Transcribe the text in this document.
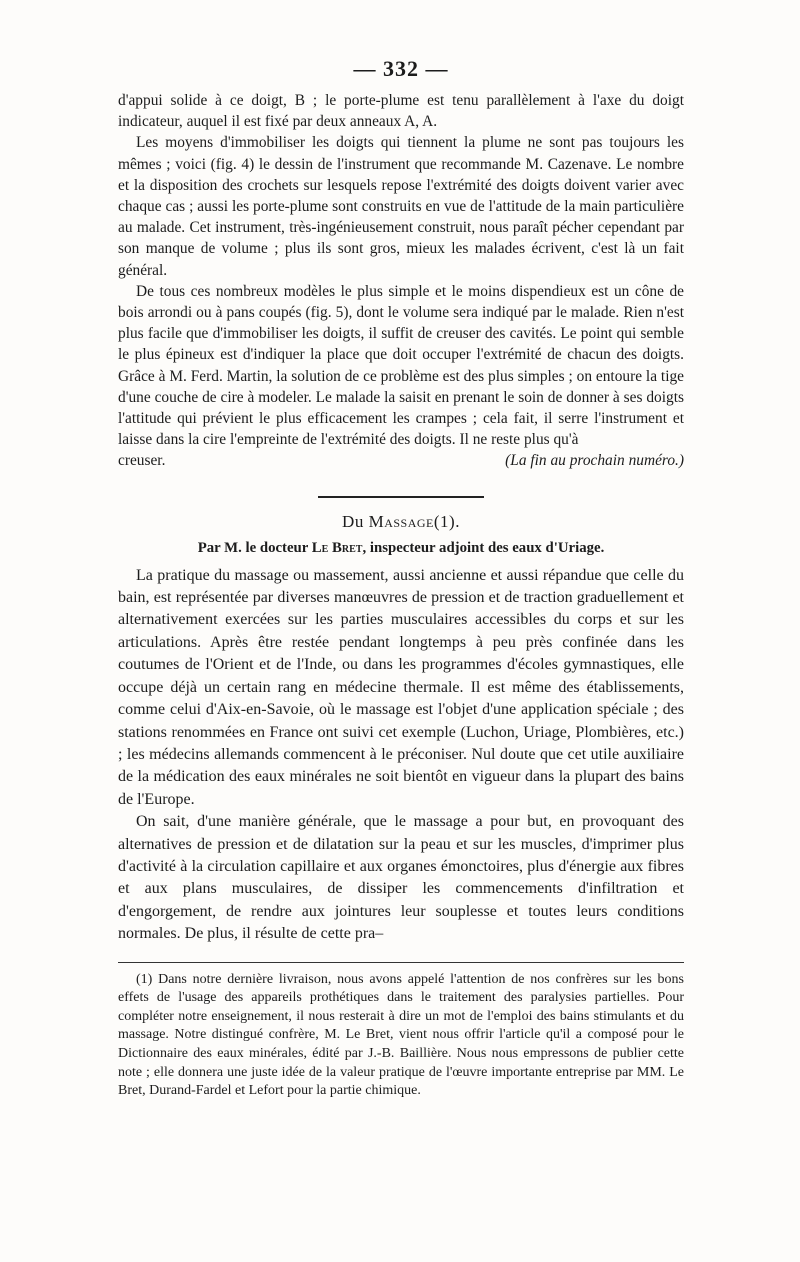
— 332 —

d'appui solide à ce doigt, B ; le porte-plume est tenu parallèlement à l'axe du doigt indicateur, auquel il est fixé par deux anneaux A, A.

Les moyens d'immobiliser les doigts qui tiennent la plume ne sont pas toujours les mêmes ; voici (fig. 4) le dessin de l'instrument que recommande M. Cazenave. Le nombre et la disposition des crochets sur lesquels repose l'extrémité des doigts doivent varier avec chaque cas ; aussi les porte-plume sont construits en vue de l'attitude de la main particulière au malade. Cet instrument, très-ingénieusement construit, nous paraît pécher cependant par son manque de volume ; plus ils sont gros, mieux les malades écrivent, c'est là un fait général.

De tous ces nombreux modèles le plus simple et le moins dispendieux est un cône de bois arrondi ou à pans coupés (fig. 5), dont le volume sera indiqué par le malade. Rien n'est plus facile que d'immobiliser les doigts, il suffit de creuser des cavités. Le point qui semble le plus épineux est d'indiquer la place que doit occuper l'extrémité de chacun des doigts. Grâce à M. Ferd. Martin, la solution de ce problème est des plus simples ; on entoure la tige d'une couche de cire à modeler. Le malade la saisit en prenant le soin de donner à ses doigts l'attitude qui prévient le plus efficacement les crampes ; cela fait, il serre l'instrument et laisse dans la cire l'empreinte de l'extrémité des doigts. Il ne reste plus qu'à

creuser.	(La fin au prochain numéro.)

Du Massage(1).

Par M. le docteur Le Bret, inspecteur adjoint des eaux d'Uriage.

La pratique du massage ou massement, aussi ancienne et aussi répandue que celle du bain, est représentée par diverses manœuvres de pression et de traction graduellement et alternativement exercées sur les parties musculaires accessibles du corps et sur les articulations. Après être restée pendant longtemps à peu près confinée dans les coutumes de l'Orient et de l'Inde, ou dans les programmes d'écoles gymnastiques, elle occupe déjà un certain rang en médecine thermale. Il est même des établissements, comme celui d'Aix-en-Savoie, où le massage est l'objet d'une application spéciale ; des stations renommées en France ont suivi cet exemple (Luchon, Uriage, Plombières, etc.) ; les médecins allemands commencent à le préconiser. Nul doute que cet utile auxiliaire de la médication des eaux minérales ne soit bientôt en vigueur dans la plupart des bains de l'Europe.

On sait, d'une manière générale, que le massage a pour but, en provoquant des alternatives de pression et de dilatation sur la peau et sur les muscles, d'imprimer plus d'activité à la circulation capillaire et aux organes émonctoires, plus d'énergie aux fibres et aux plans musculaires, de dissiper les commencements d'infiltration et d'engorgement, de rendre aux jointures leur souplesse et toutes leurs conditions normales. De plus, il résulte de cette pra–

(1) Dans notre dernière livraison, nous avons appelé l'attention de nos confrères sur les bons effets de l'usage des appareils prothétiques dans le traitement des paralysies partielles. Pour compléter notre enseignement, il nous resterait à dire un mot de l'emploi des bains stimulants et du massage. Notre distingué confrère, M. Le Bret, vient nous offrir l'article qu'il a composé pour le Dictionnaire des eaux minérales, édité par J.-B. Baillière. Nous nous empressons de publier cette note ; elle donnera une juste idée de la valeur pratique de l'œuvre importante entreprise par MM. Le Bret, Durand-Fardel et Lefort pour la partie chimique.
